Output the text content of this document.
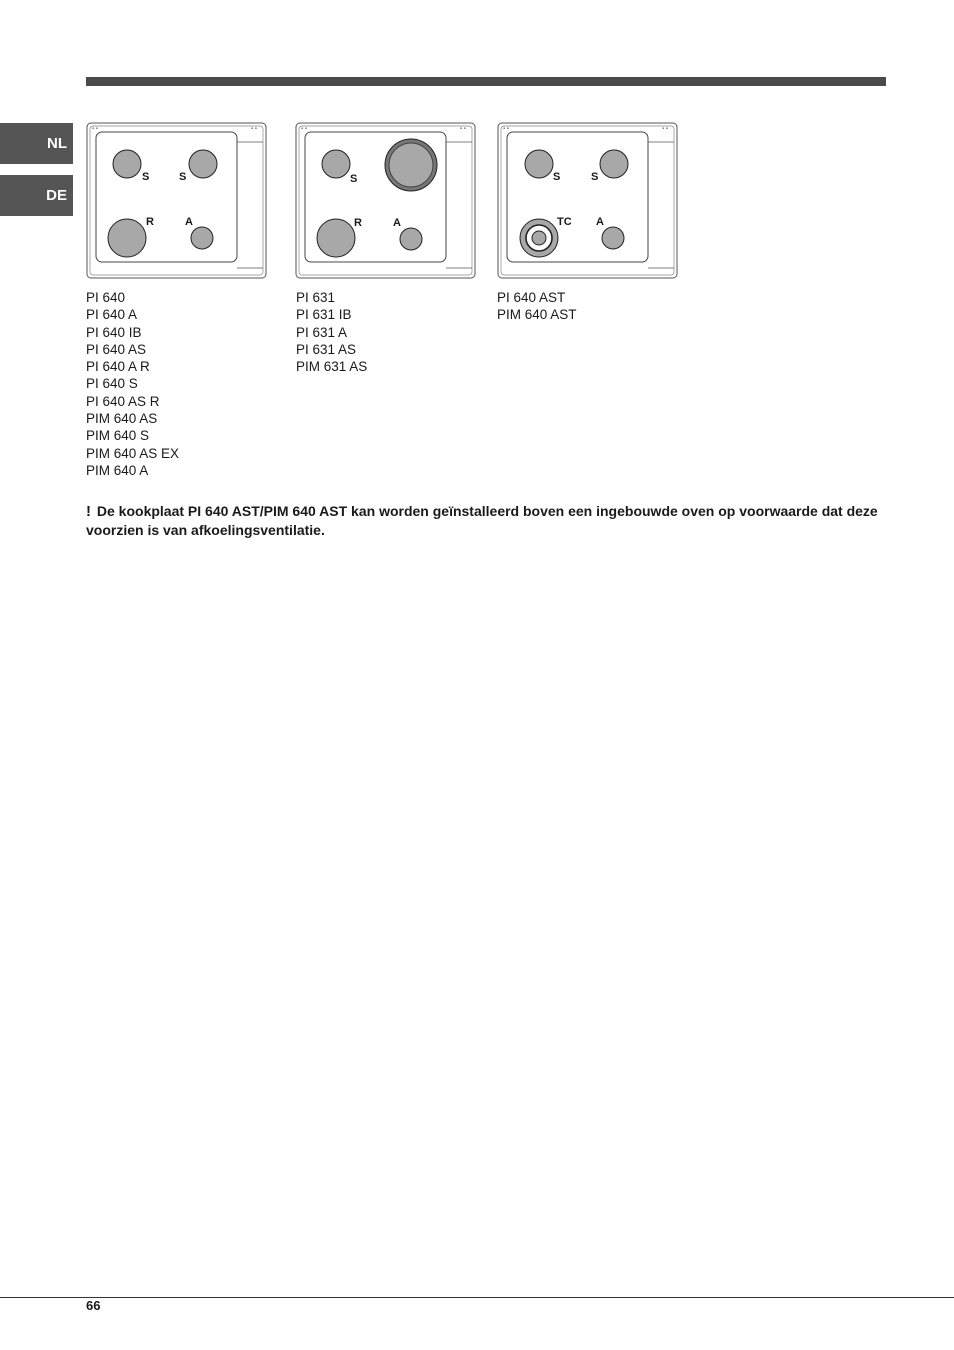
NL
DE
▪ ▪	▪ ▪
S	S
R	A
▪ ▪	▪ ▪
S
R	A
▪ ▪	▪ ▪
S	S
TC A
PI 640
PI 640 A
PI 640 IB
PI 640 AS
PI 640 A R
PI 640 S
PI 640 AS R
PIM 640 AS
PIM 640 S
PIM 640 AS EX
PIM 640 A
PI 631
PI 631 IB
PI 631 A
PI 631 AS
PIM 631 AS
PI 640 AST
PIM 640 AST
! De kookplaat PI 640 AST/PIM 640 AST kan worden geïnstalleerd boven een ingebouwde oven op voorwaarde dat deze voorzien is van afkoelingsventilatie.
66
